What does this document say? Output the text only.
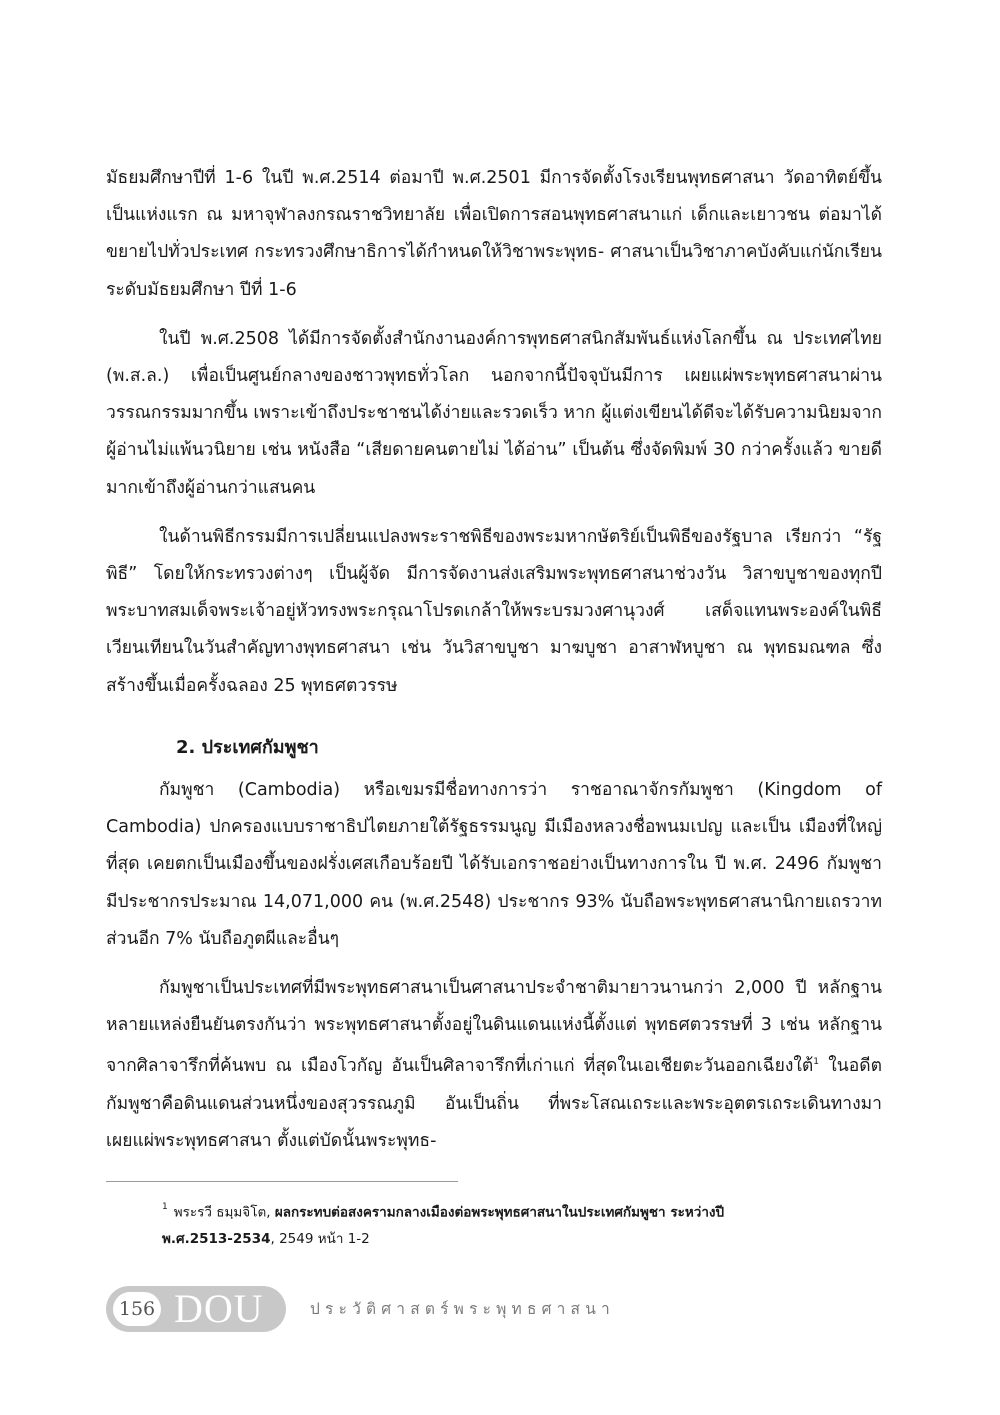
มัธยมศึกษาปีที่ 1-6 ในปี พ.ศ.2514 ต่อมาปี พ.ศ.2501 มีการจัดตั้งโรงเรียนพุทธศาสนา วัดอาทิตย์ขึ้นเป็นแห่งแรก ณ มหาจุฬาลงกรณราชวิทยาลัย เพื่อเปิดการสอนพุทธศาสนาแก่ เด็กและเยาวชน ต่อมาได้ขยายไปทั่วประเทศ กระทรวงศึกษาธิการได้กำหนดให้วิชาพระพุทธ- ศาสนาเป็นวิชาภาคบังคับแก่นักเรียนระดับมัธยมศึกษา ปีที่ 1-6

ในปี พ.ศ.2508 ได้มีการจัดตั้งสำนักงานองค์การพุทธศาสนิกสัมพันธ์แห่งโลกขึ้น ณ ประเทศไทย (พ.ส.ล.) เพื่อเป็นศูนย์กลางของชาวพุทธทั่วโลก นอกจากนี้ปัจจุบันมีการ เผยแผ่พระพุทธศาสนาผ่านวรรณกรรมมากขึ้น เพราะเข้าถึงประชาชนได้ง่ายและรวดเร็ว หาก ผู้แต่งเขียนได้ดีจะได้รับความนิยมจากผู้อ่านไม่แพ้นวนิยาย เช่น หนังสือ “เสียดายคนตายไม่ ได้อ่าน” เป็นต้น ซึ่งจัดพิมพ์ 30 กว่าครั้งแล้ว ขายดีมากเข้าถึงผู้อ่านกว่าแสนคน

ในด้านพิธีกรรมมีการเปลี่ยนแปลงพระราชพิธีของพระมหากษัตริย์เป็นพิธีของรัฐบาล เรียกว่า “รัฐพิธี” โดยให้กระทรวงต่างๆ เป็นผู้จัด มีการจัดงานส่งเสริมพระพุทธศาสนาช่วงวัน วิสาขบูชาของทุกปี พระบาทสมเด็จพระเจ้าอยู่หัวทรงพระกรุณาโปรดเกล้าให้พระบรมวงศานุวงศ์ เสด็จแทนพระองค์ในพิธีเวียนเทียนในวันสำคัญทางพุทธศาสนา เช่น วันวิสาขบูชา มาฆบูชา อาสาฬหบูชา ณ พุทธมณฑล ซึ่งสร้างขึ้นเมื่อครั้งฉลอง 25 พุทธศตวรรษ

2. ประเทศกัมพูชา

กัมพูชา (Cambodia) หรือเขมรมีชื่อทางการว่า ราชอาณาจักรกัมพูชา (Kingdom of Cambodia) ปกครองแบบราชาธิปไตยภายใต้รัฐธรรมนูญ มีเมืองหลวงชื่อพนมเปญ และเป็น เมืองที่ใหญ่ที่สุด เคยตกเป็นเมืองขึ้นของฝรั่งเศสเกือบร้อยปี ได้รับเอกราชอย่างเป็นทางการใน ปี พ.ศ. 2496 กัมพูชามีประชากรประมาณ 14,071,000 คน (พ.ศ.2548) ประชากร 93% นับถือพระพุทธศาสนานิกายเถรวาท ส่วนอีก 7% นับถือภูตผีและอื่นๆ

กัมพูชาเป็นประเทศที่มีพระพุทธศาสนาเป็นศาสนาประจำชาติมายาวนานกว่า 2,000 ปี หลักฐานหลายแหล่งยืนยันตรงกันว่า พระพุทธศาสนาตั้งอยู่ในดินแดนแห่งนี้ตั้งแต่ พุทธศตวรรษที่ 3 เช่น หลักฐานจากศิลาจารึกที่ค้นพบ ณ เมืองโวกัญ อันเป็นศิลาจารึกที่เก่าแก่ ที่สุดในเอเชียตะวันออกเฉียงใต้$^1$ ในอดีตกัมพูชาคือดินแดนส่วนหนึ่งของสุวรรณภูมิ อันเป็นถิ่น ที่พระโสณเถระและพระอุตตรเถระเดินทางมาเผยแผ่พระพุทธศาสนา ตั้งแต่บัดนั้นพระพุทธ-

$^1$ พระรวี ธมฺมจิโต, ผลกระทบต่อสงครามกลางเมืองต่อพระพุทธศาสนาในประเทศกัมพูชา ระหว่างปี
พ.ศ.2513-2534, 2549 หน้า 1-2
156 DOU	ประวัติศาสตร์พระพุทธศาสนา
